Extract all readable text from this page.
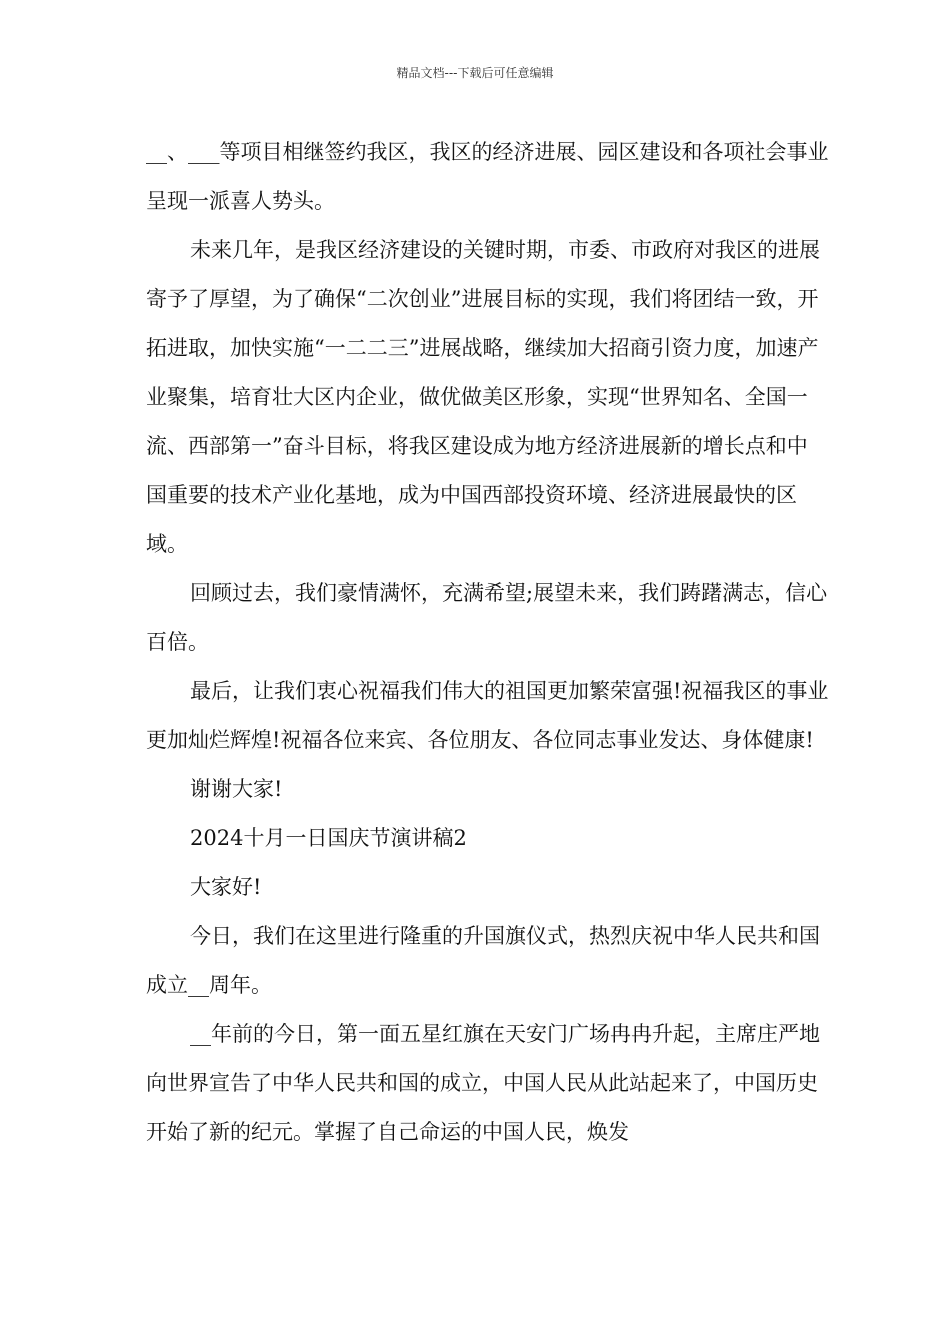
精品文档---下载后可任意编辑

__、___等项目相继签约我区，我区的经济进展、园区建设和各项社会事业呈现一派喜人势头。

未来几年，是我区经济建设的关键时期，市委、市政府对我区的进展寄予了厚望，为了确保“二次创业”进展目标的实现，我们将团结一致，开拓进取，加快实施“一二二三”进展战略，继续加大招商引资力度，加速产业聚集，培育壮大区内企业，做优做美区形象，实现“世界知名、全国一流、西部第一”奋斗目标，将我区建设成为地方经济进展新的增长点和中国重要的技术产业化基地，成为中国西部投资环境、经济进展最快的区域。

回顾过去，我们豪情满怀，充满希望;展望未来，我们踌躇满志，信心百倍。

最后，让我们衷心祝福我们伟大的祖国更加繁荣富强!祝福我区的事业更加灿烂辉煌!祝福各位来宾、各位朋友、各位同志事业发达、身体健康!

谢谢大家!

2024十月一日国庆节演讲稿2

大家好!

今日，我们在这里进行隆重的升国旗仪式，热烈庆祝中华人民共和国成立__周年。

__年前的今日，第一面五星红旗在天安门广场冉冉升起，主席庄严地向世界宣告了中华人民共和国的成立，中国人民从此站起来了，中国历史开始了新的纪元。掌握了自己命运的中国人民，焕发
